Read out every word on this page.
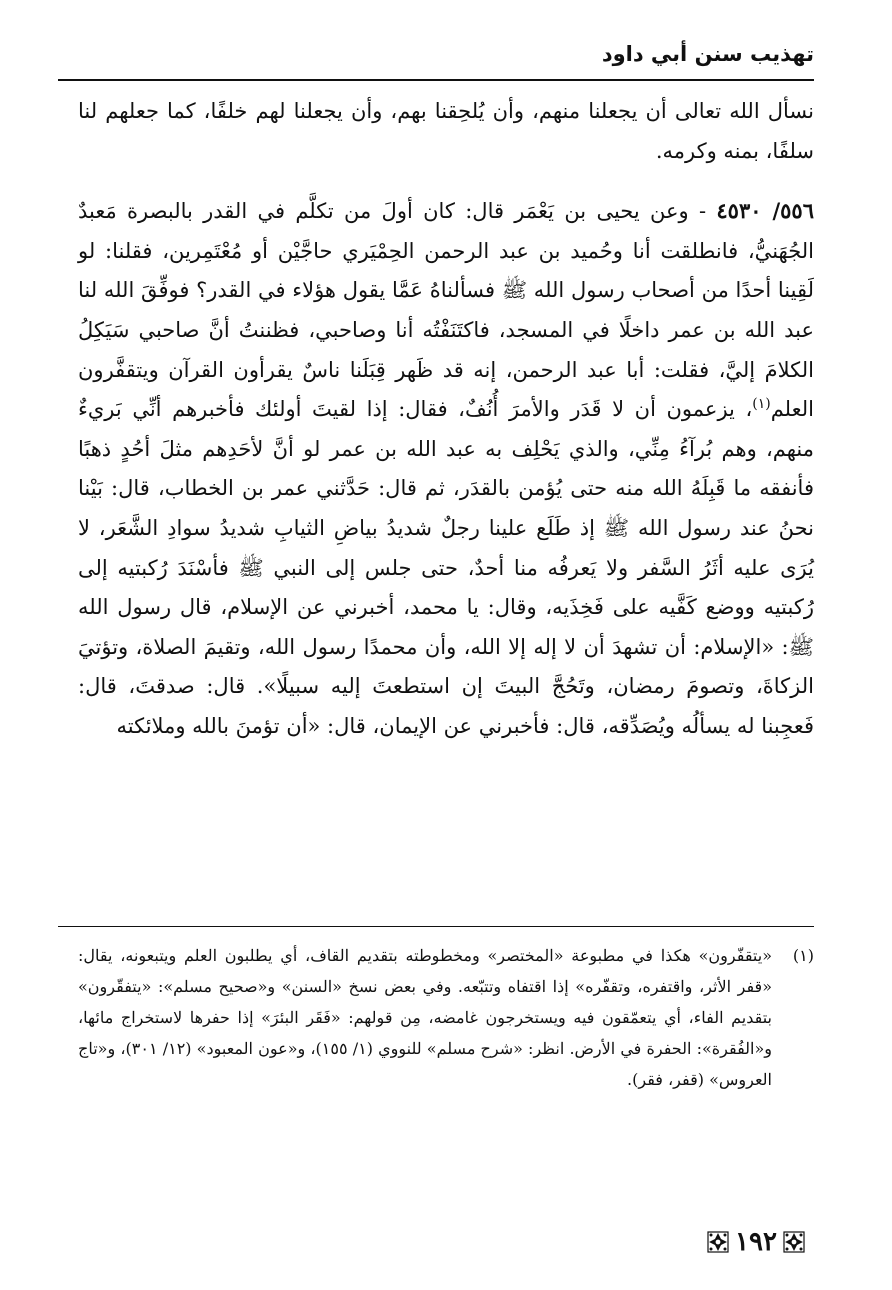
تهذيب سنن أبي داود

نسأل الله تعالى أن يجعلنا منهم، وأن يُلحِقنا بهم، وأن يجعلنا لهم خلفًا، كما جعلهم لنا سلفًا، بمنه وكرمه.

٥٥٦/ ٤٥٣٠ - وعن يحيى بن يَعْمَر قال: كان أولَ من تكلَّم في القدر بالبصرة مَعبدٌ الجُهَنيُّ، فانطلقت أنا وحُميد بن عبد الرحمن الحِمْيَري حاجَّيْن أو مُعْتَمِرين، فقلنا: لو لَقِينا أحدًا من أصحاب رسول الله ﷺ فسألناهُ عَمَّا يقول هؤلاء في القدر؟ فوفِّقَ الله لنا عبد الله بن عمر داخلًا في المسجد، فاكتَنَفْتُه أنا وصاحبي، فظننتُ أنَّ صاحبي سَيَكِلُ الكلامَ إليَّ، فقلت: أبا عبد الرحمن، إنه قد ظَهر قِبَلَنا ناسٌ يقرأون القرآن ويتقفَّرون العلم$^{(١)}$، يزعمون أن لا قَدَر والأمرَ أُنُفٌ، فقال: إذا لقيتَ أولئك فأخبرهم أنِّي بَريءٌ منهم، وهم بُرآءُ مِنِّي، والذي يَحْلِف به عبد الله بن عمر لو أنَّ لأحَدِهم مثلَ أحُدٍ ذهبًا فأنفقه ما قَبِلَهُ الله منه حتى يُؤمن بالقدَر، ثم قال: حَدَّثني عمر بن الخطاب، قال: بَيْنا نحنُ عند رسول الله ﷺ إذ طَلَع علينا رجلٌ شديدُ بياضِ الثيابِ شديدُ سوادِ الشَّعَر، لا يُرَى عليه أثَرُ السَّفر ولا يَعرفُه منا أحدٌ، حتى جلس إلى النبي ﷺ فأسْنَدَ رُكبتيه إلى رُكبتيه ووضع كَفَّيه على فَخِذَيه، وقال: يا محمد، أخبرني عن الإسلام، قال رسول الله ﷺ: «الإسلام: أن تشهدَ أن لا إله إلا الله، وأن محمدًا رسول الله، وتقيمَ الصلاة، وتؤتيَ الزكاةَ، وتصومَ رمضان، وتَحُجَّ البيتَ إن استطعتَ إليه سبيلًا». قال: صدقتَ، قال: فَعجِبنا له يسألُه ويُصَدِّقه، قال: فأخبرني عن الإيمان، قال: «أن تؤمنَ بالله وملائكته

(١)
«يتقفّرون» هكذا في مطبوعة «المختصر» ومخطوطته بتقديم القاف، أي يطلبون العلم ويتبعونه، يقال: «قفر الأثر، واقتفره، وتقفّره» إذا اقتفاه وتتبّعه. وفي بعض نسخ «السنن» و«صحيح مسلم»: «يتفقّرون» بتقديم الفاء، أي يتعمّقون فيه ويستخرجون غامضه، مِن قولهم: «فَقَر البئرَ» إذا حفرها لاستخراج مائها، و«الفُقرة»: الحفرة في الأرض. انظر: «شرح مسلم» للنووي (١/ ١٥٥)، و«عون المعبود» (١٢/ ٣٠١)، و«تاج العروس» (قفر، فقر).
١٩٢
